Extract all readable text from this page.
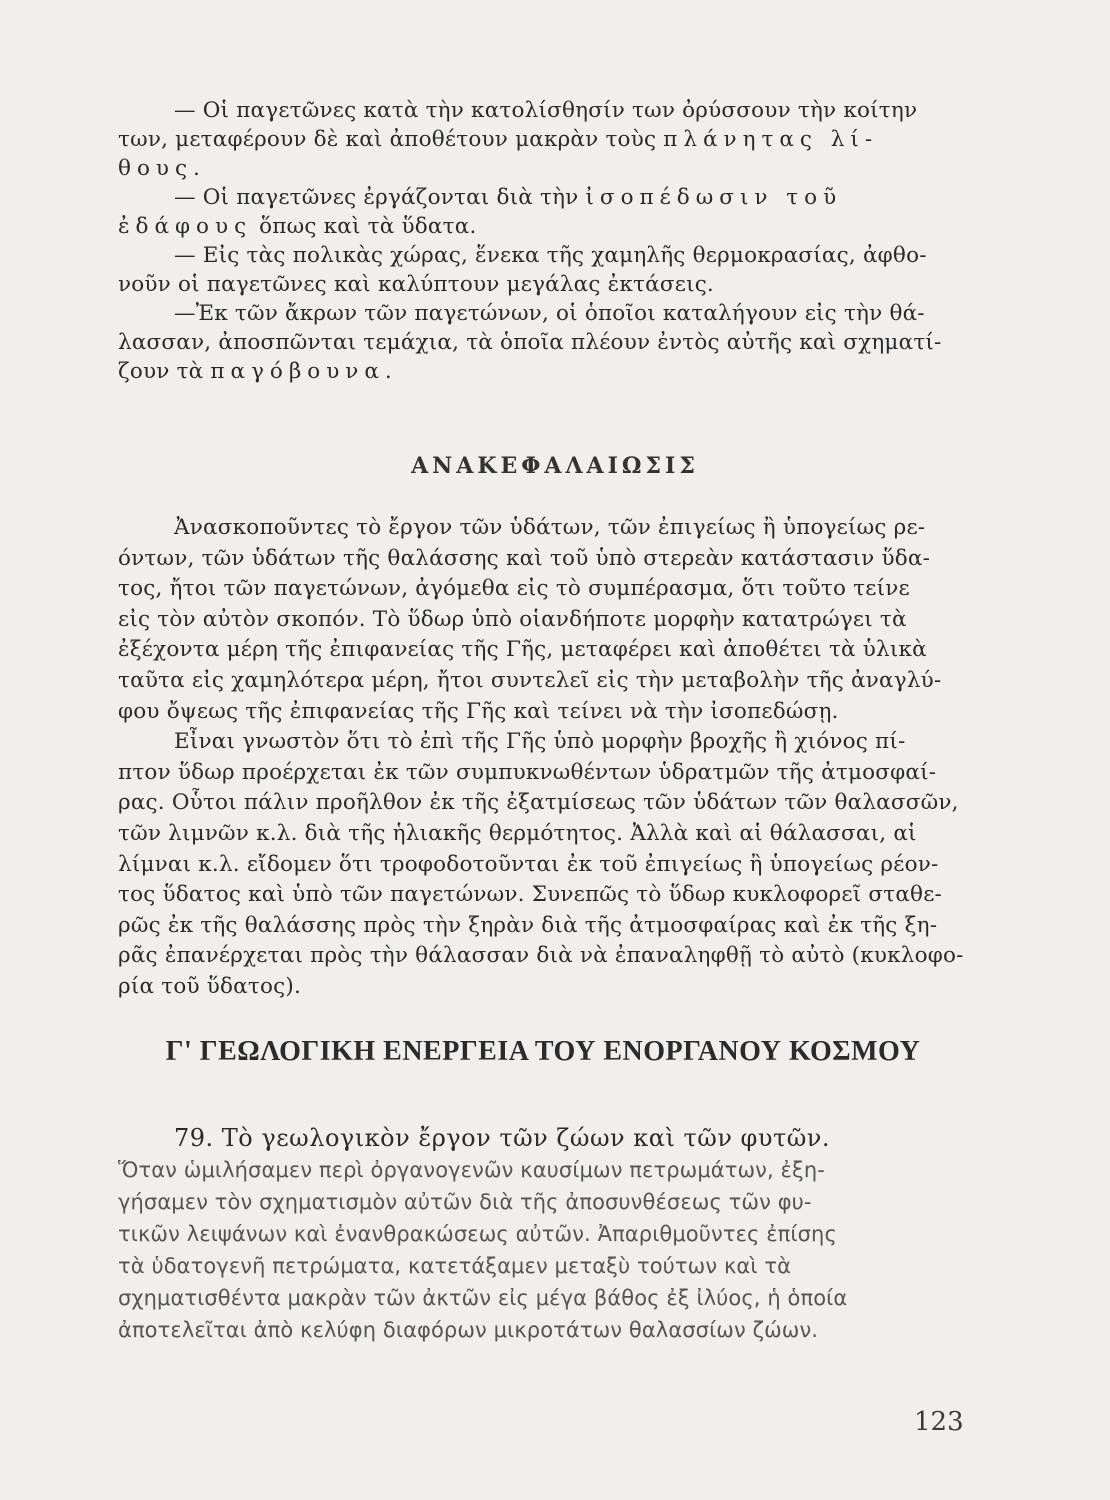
— Οἱ παγετῶνες κατὰ τὴν κατολίσθησίν των ὀρύσσουν τὴν κοίτην
των, μεταφέρουν δὲ καὶ ἀποθέτουν μακρὰν τοὺς πλάνητας λί-
θους.
— Οἱ παγετῶνες ἐργάζονται διὰ τὴν ἰσοπέδωσιν τοῦ
ἐδάφους ὅπως καὶ τὰ ὕδατα.
— Εἰς τὰς πολικὰς χώρας, ἕνεκα τῆς χαμηλῆς θερμοκρασίας, ἀφθο-
νοῦν οἱ παγετῶνες καὶ καλύπτουν μεγάλας ἐκτάσεις.
—Ἐκ τῶν ἄκρων τῶν παγετώνων, οἱ ὁποῖοι καταλήγουν εἰς τὴν θά-
λασσαν, ἀποσπῶνται τεμάχια, τὰ ὁποῖα πλέουν ἐντὸς αὐτῆς καὶ σχηματί-
ζουν τὰ παγόβουνα.
ΑΝΑΚΕΦΑΛΑΙΩΣΙΣ
Ἀνασκοποῦντες τὸ ἔργον τῶν ὑδάτων, τῶν ἐπιγείως ἢ ὑπογείως ρε-
όντων, τῶν ὑδάτων τῆς θαλάσσης καὶ τοῦ ὑπὸ στερεὰν κατάστασιν ὕδα-
τος, ἤτοι τῶν παγετώνων, ἀγόμεθα εἰς τὸ συμπέρασμα, ὅτι τοῦτο τείνε
εἰς τὸν αὐτὸν σκοπόν. Τὸ ὕδωρ ὑπὸ οἱανδήποτε μορφὴν κατατρώγει τὰ
ἐξέχοντα μέρη τῆς ἐπιφανείας τῆς Γῆς, μεταφέρει καὶ ἀποθέτει τὰ ὑλικὰ
ταῦτα εἰς χαμηλότερα μέρη, ἤτοι συντελεῖ εἰς τὴν μεταβολὴν τῆς ἀναγλύ-
φου ὄψεως τῆς ἐπιφανείας τῆς Γῆς καὶ τείνει νὰ τὴν ἰσοπεδώσῃ.
Εἶναι γνωστὸν ὅτι τὸ ἐπὶ τῆς Γῆς ὑπὸ μορφὴν βροχῆς ἢ χιόνος πί-
πτον ὕδωρ προέρχεται ἐκ τῶν συμπυκνωθέντων ὑδρατμῶν τῆς ἀτμοσφαί-
ρας. Οὗτοι πάλιν προῆλθον ἐκ τῆς ἐξατμίσεως τῶν ὑδάτων τῶν θαλασσῶν,
τῶν λιμνῶν κ.λ. διὰ τῆς ἡλιακῆς θερμότητος. Ἀλλὰ καὶ αἱ θάλασσαι, αἱ
λίμναι κ.λ. εἴδομεν ὅτι τροφοδοτοῦνται ἐκ τοῦ ἐπιγείως ἢ ὑπογείως ρέον-
τος ὕδατος καὶ ὑπὸ τῶν παγετώνων. Συνεπῶς τὸ ὕδωρ κυκλοφορεῖ σταθε-
ρῶς ἐκ τῆς θαλάσσης πρὸς τὴν ξηρὰν διὰ τῆς ἀτμοσφαίρας καὶ ἐκ τῆς ξη-
ρᾶς ἐπανέρχεται πρὸς τὴν θάλασσαν διὰ νὰ ἐπαναληφθῇ τὸ αὐτὸ (κυκλοφο-
ρία τοῦ ὕδατος).
Γ' ΓΕΩΛΟΓΙΚΗ ΕΝΕΡΓΕΙΑ ΤΟΥ ΕΝΟΡΓΑΝΟΥ ΚΟΣΜΟΥ
79. Τὸ γεωλογικὸν ἔργον τῶν ζώων καὶ τῶν φυτῶν.
Ὅταν ὡμιλήσαμεν περὶ ὀργανογενῶν καυσίμων πετρωμάτων, ἐξη-
γήσαμεν τὸν σχηματισμὸν αὐτῶν διὰ τῆς ἀποσυνθέσεως τῶν φυ-
τικῶν λειψάνων καὶ ἐνανθρακώσεως αὐτῶν. Ἀπαριθμοῦντες ἐπίσης
τὰ ὑδατογενῆ πετρώματα, κατετάξαμεν μεταξὺ τούτων καὶ τὰ
σχηματισθέντα μακρὰν τῶν ἀκτῶν εἰς μέγα βάθος ἐξ ἰλύος, ἡ ὁποία
ἀποτελεῖται ἀπὸ κελύφη διαφόρων μικροτάτων θαλασσίων ζώων.
123
